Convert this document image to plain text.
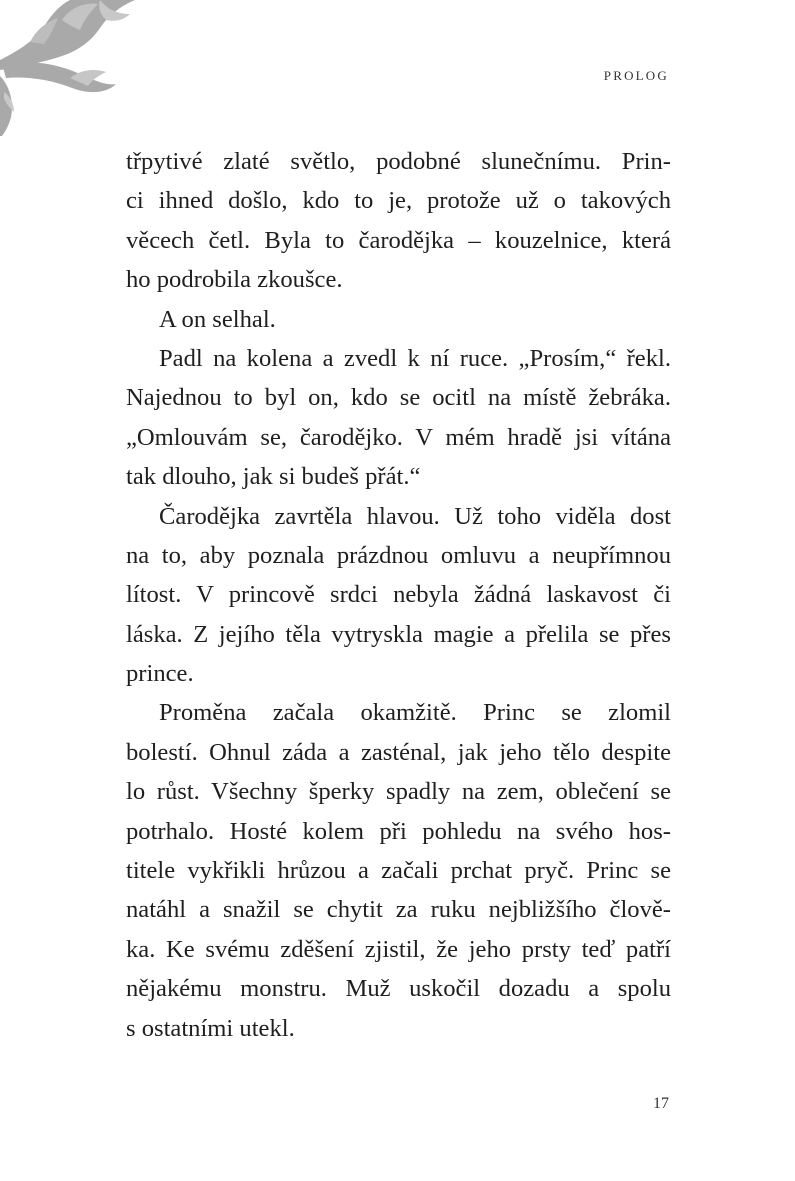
PROLOG
třpytivé zlaté světlo, podobné slunečnímu. Prin-
ci ihned došlo, kdo to je, protože už o takových
věcech četl. Byla to čarodějka – kouzelnice, která
ho podrobila zkoušce.
A on selhal.
Padl na kolena a zvedl k ní ruce. „Prosím,“ řekl.
Najednou to byl on, kdo se ocitl na místě žebráka.
„Omlouvám se, čarodějko. V mém hradě jsi vítána
tak dlouho, jak si budeš přát.“
Čarodějka zavrtěla hlavou. Už toho viděla dost
na to, aby poznala prázdnou omluvu a neupřímnou
lítost. V princově srdci nebyla žádná laskavost či
láska. Z jejího těla vytryskla magie a přelila se přes
prince.
Proměna začala okamžitě. Princ se zlomil
bolestí. Ohnul záda a zasténal, jak jeho tělo despite
lo růst. Všechny šperky spadly na zem, oblečení se
potrhalo. Hosté kolem při pohledu na svého hos-
titele vykřikli hrůzou a začali prchat pryč. Princ se
natáhl a snažil se chytit za ruku nejbližšího člově-
ka. Ke svému zděšení zjistil, že jeho prsty teď patří
nějakému monstru. Muž uskočil dozadu a spolu
s ostatními utekl.
17
